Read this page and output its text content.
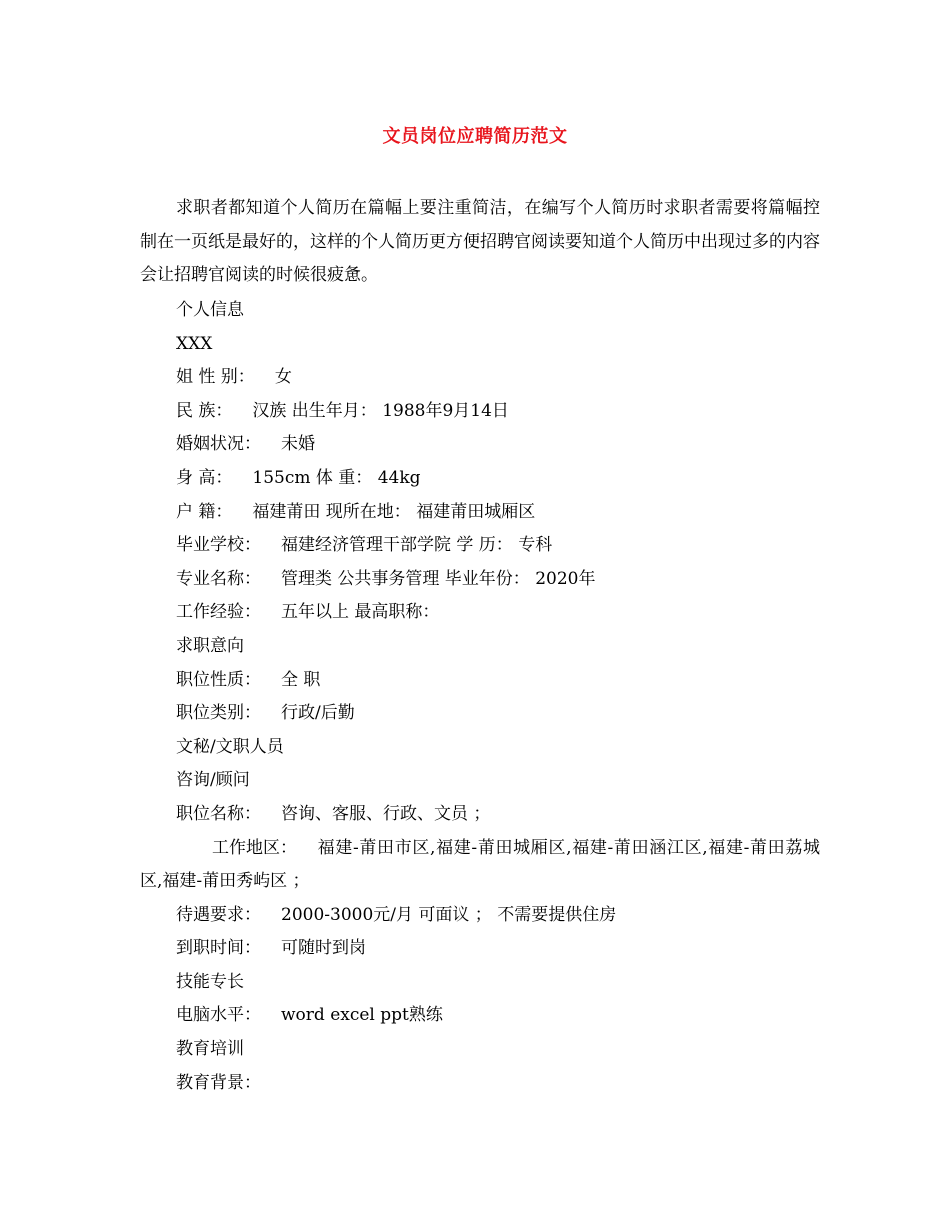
文员岗位应聘简历范文
求职者都知道个人简历在篇幅上要注重简洁，在编写个人简历时求职者需要将篇幅控制在一页纸是最好的，这样的个人简历更方便招聘官阅读要知道个人简历中出现过多的内容会让招聘官阅读的时候很疲惫。
个人信息
XXX
姐 性 别： 女
民 族： 汉族 出生年月： 1988年9月14日
婚姻状况： 未婚
身 高： 155cm 体 重： 44kg
户 籍： 福建莆田 现所在地： 福建莆田城厢区
毕业学校： 福建经济管理干部学院 学 历： 专科
专业名称： 管理类 公共事务管理 毕业年份： 2020年
工作经验： 五年以上 最高职称：
求职意向
职位性质： 全 职
职位类别： 行政/后勤
文秘/文职人员
咨询/顾问
职位名称： 咨询、客服、行政、文员 ；
工作地区： 福建-莆田市区,福建-莆田城厢区,福建-莆田涵江区,福建-莆田荔城区,福建-莆田秀屿区 ；
待遇要求： 2000-3000元/月 可面议 ； 不需要提供住房
到职时间： 可随时到岗
技能专长
电脑水平： word excel ppt熟练
教育培训
教育背景：
